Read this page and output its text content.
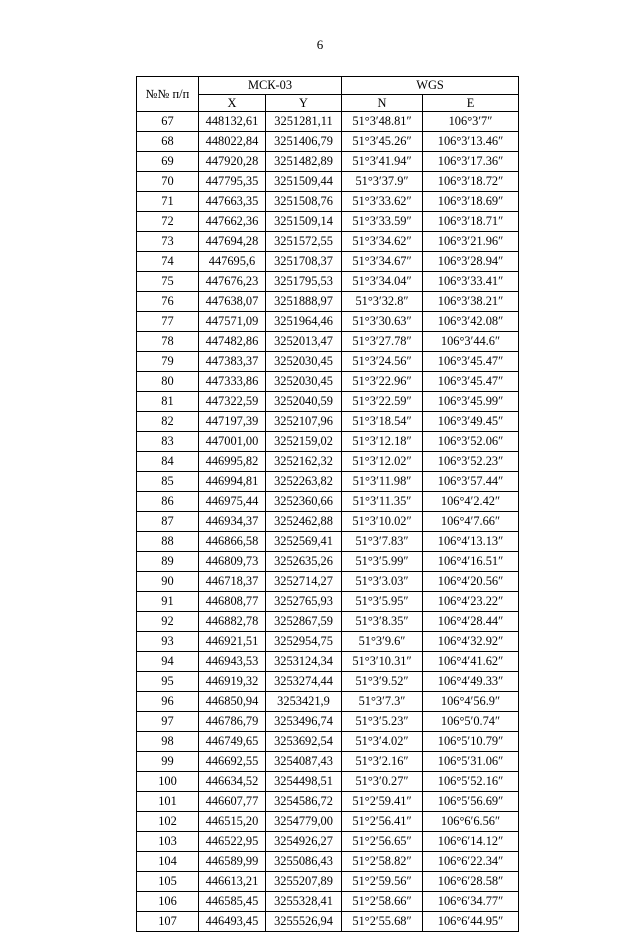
6
№№ п/п	МСК-03		WGS	
	X	Y	N	E
67	448132,61	3251281,11	51°3′48.81″	106°3′7″
68	448022,84	3251406,79	51°3′45.26″	106°3′13.46″
69	447920,28	3251482,89	51°3′41.94″	106°3′17.36″
70	447795,35	3251509,44	51°3′37.9″	106°3′18.72″
71	447663,35	3251508,76	51°3′33.62″	106°3′18.69″
72	447662,36	3251509,14	51°3′33.59″	106°3′18.71″
73	447694,28	3251572,55	51°3′34.62″	106°3′21.96″
74	447695,6	3251708,37	51°3′34.67″	106°3′28.94″
75	447676,23	3251795,53	51°3′34.04″	106°3′33.41″
76	447638,07	3251888,97	51°3′32.8″	106°3′38.21″
77	447571,09	3251964,46	51°3′30.63″	106°3′42.08″
78	447482,86	3252013,47	51°3′27.78″	106°3′44.6″
79	447383,37	3252030,45	51°3′24.56″	106°3′45.47″
80	447333,86	3252030,45	51°3′22.96″	106°3′45.47″
81	447322,59	3252040,59	51°3′22.59″	106°3′45.99″
82	447197,39	3252107,96	51°3′18.54″	106°3′49.45″
83	447001,00	3252159,02	51°3′12.18″	106°3′52.06″
84	446995,82	3252162,32	51°3′12.02″	106°3′52.23″
85	446994,81	3252263,82	51°3′11.98″	106°3′57.44″
86	446975,44	3252360,66	51°3′11.35″	106°4′2.42″
87	446934,37	3252462,88	51°3′10.02″	106°4′7.66″
88	446866,58	3252569,41	51°3′7.83″	106°4′13.13″
89	446809,73	3252635,26	51°3′5.99″	106°4′16.51″
90	446718,37	3252714,27	51°3′3.03″	106°4′20.56″
91	446808,77	3252765,93	51°3′5.95″	106°4′23.22″
92	446882,78	3252867,59	51°3′8.35″	106°4′28.44″
93	446921,51	3252954,75	51°3′9.6″	106°4′32.92″
94	446943,53	3253124,34	51°3′10.31″	106°4′41.62″
95	446919,32	3253274,44	51°3′9.52″	106°4′49.33″
96	446850,94	3253421,9	51°3′7.3″	106°4′56.9″
97	446786,79	3253496,74	51°3′5.23″	106°5′0.74″
98	446749,65	3253692,54	51°3′4.02″	106°5′10.79″
99	446692,55	3254087,43	51°3′2.16″	106°5′31.06″
100	446634,52	3254498,51	51°3′0.27″	106°5′52.16″
101	446607,77	3254586,72	51°2′59.41″	106°5′56.69″
102	446515,20	3254779,00	51°2′56.41″	106°6′6.56″
103	446522,95	3254926,27	51°2′56.65″	106°6′14.12″
104	446589,99	3255086,43	51°2′58.82″	106°6′22.34″
105	446613,21	3255207,89	51°2′59.56″	106°6′28.58″
106	446585,45	3255328,41	51°2′58.66″	106°6′34.77″
107	446493,45	3255526,94	51°2′55.68″	106°6′44.95″
